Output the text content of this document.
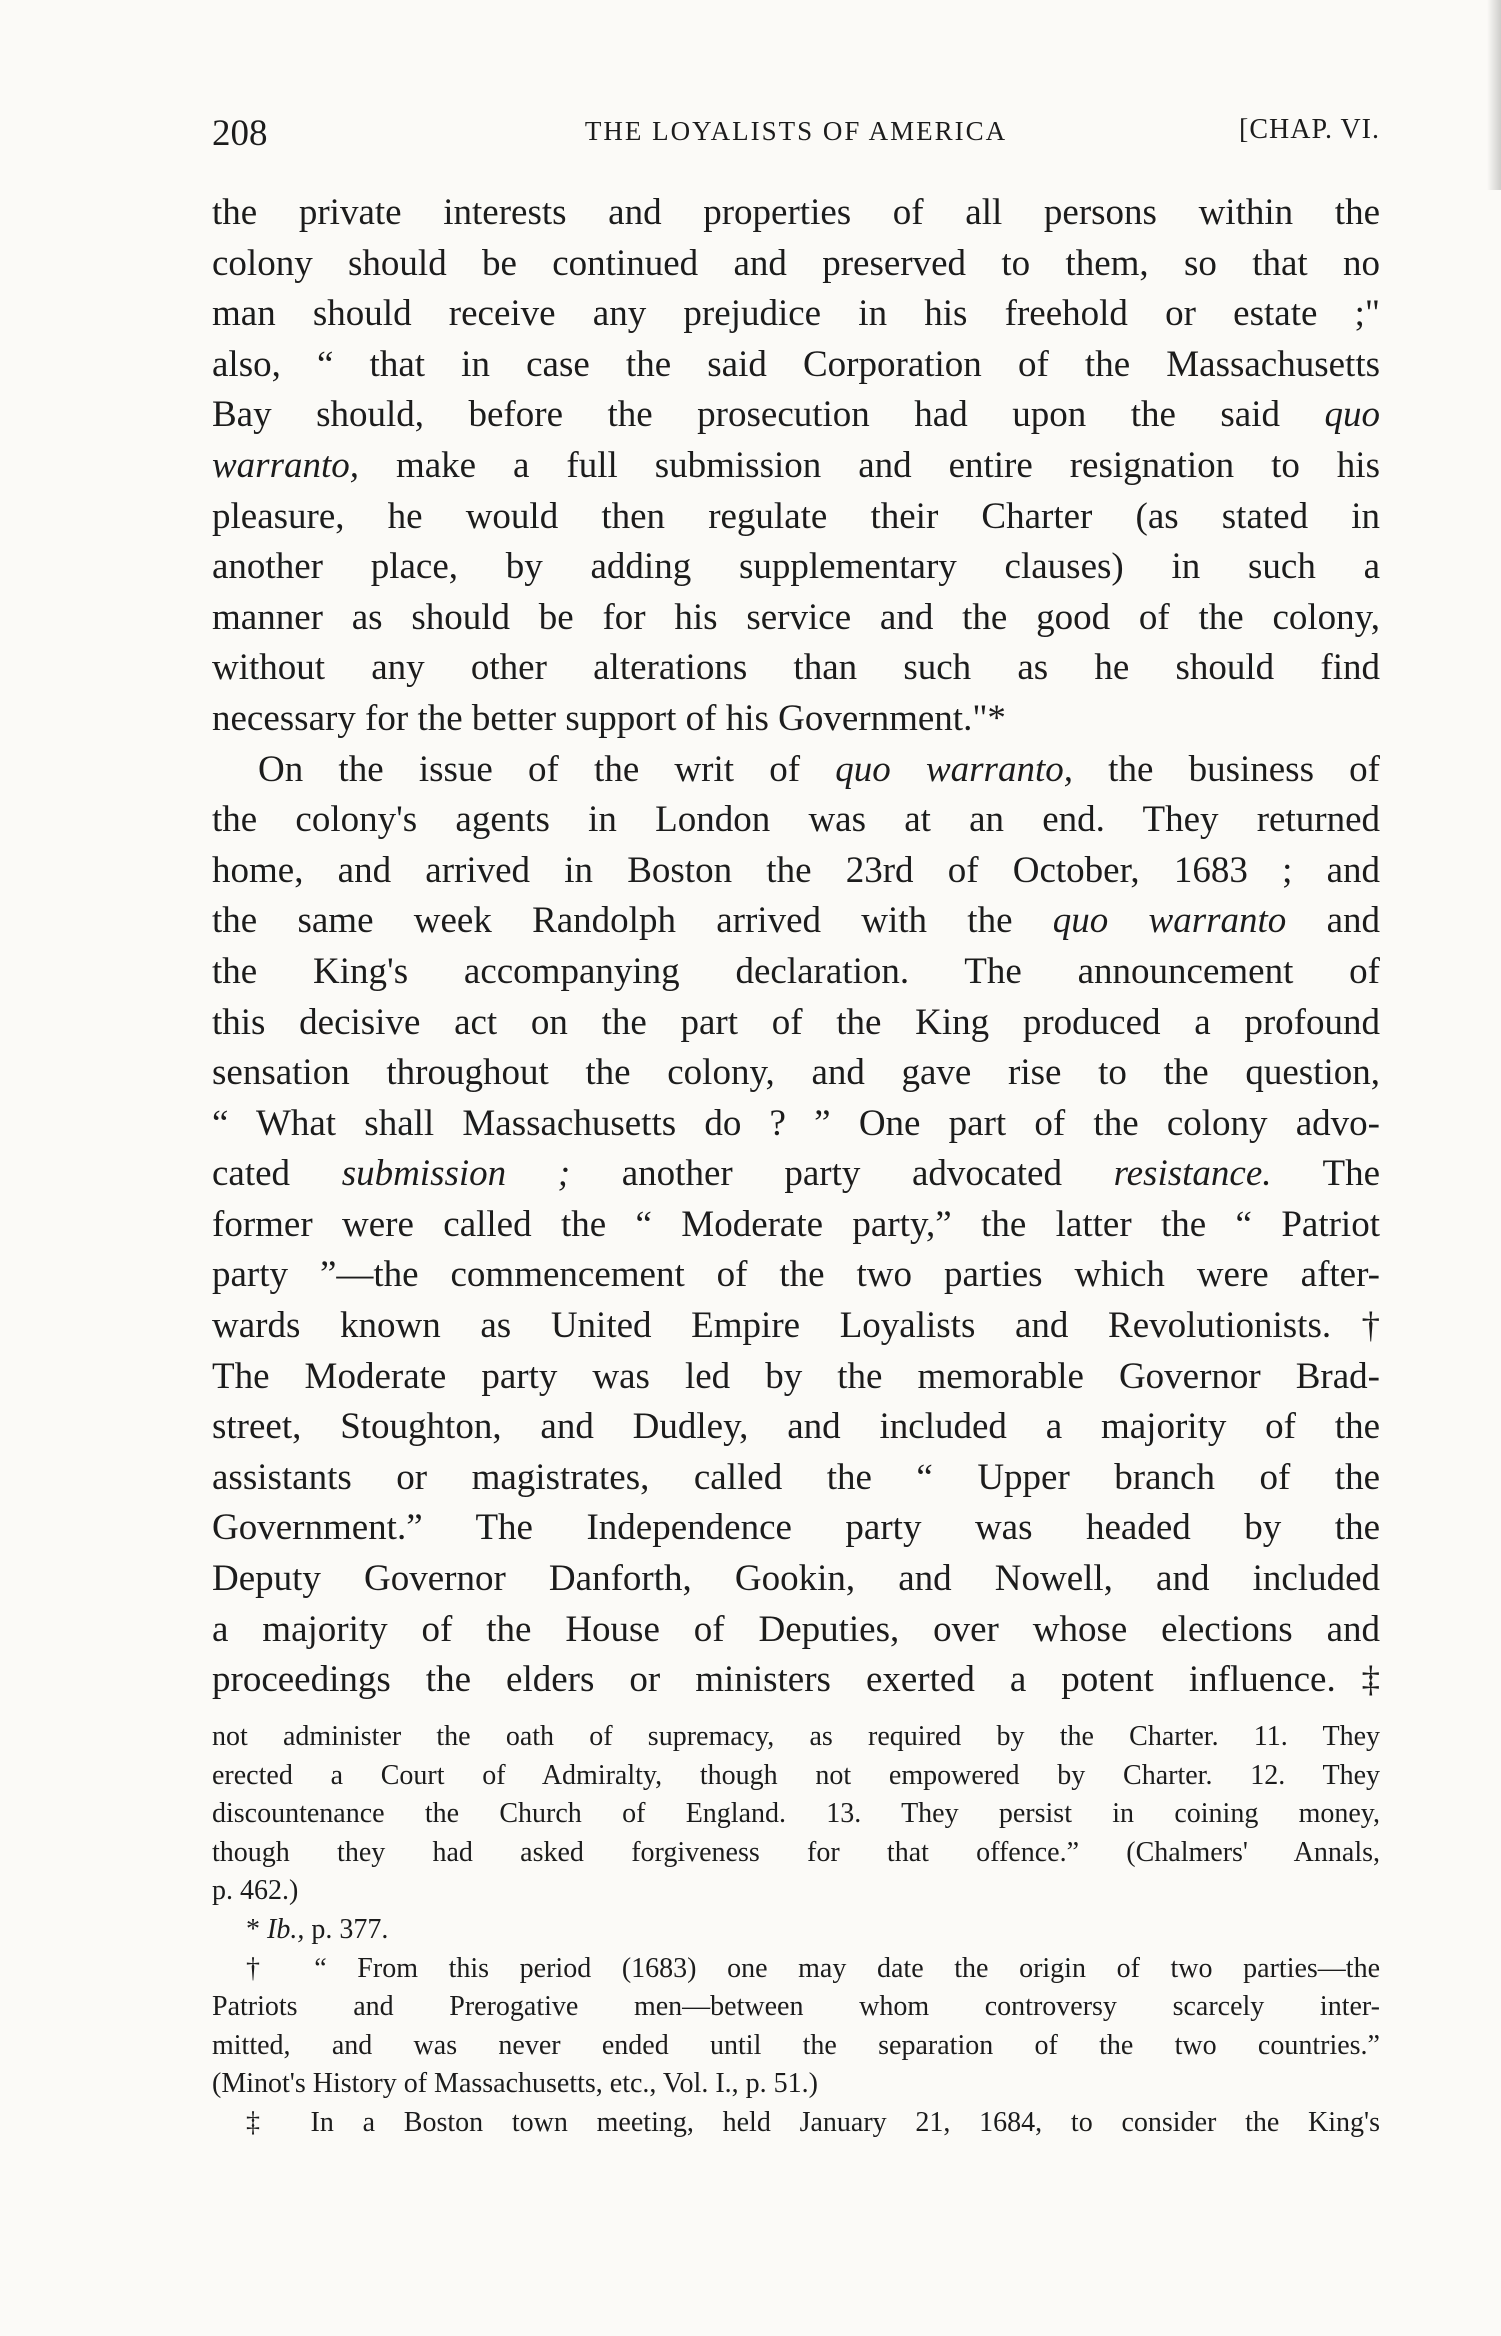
208	THE LOYALISTS OF AMERICA	[CHAP. VI.
the private interests and properties of all persons within the
colony should be continued and preserved to them, so that no
man should receive any prejudice in his freehold or estate ;"
also, “ that in case the said Corporation of the Massachusetts
Bay should, before the prosecution had upon the said quo
warranto, make a full submission and entire resignation to his
pleasure, he would then regulate their Charter (as stated in
another place, by adding supplementary clauses) in such a
manner as should be for his service and the good of the colony,
without any other alterations than such as he should find
necessary for the better support of his Government."*
On the issue of the writ of quo warranto, the business of
the colony's agents in London was at an end. They returned
home, and arrived in Boston the 23rd of October, 1683 ; and
the same week Randolph arrived with the quo warranto and
the King's accompanying declaration. The announcement of
this decisive act on the part of the King produced a profound
sensation throughout the colony, and gave rise to the question,
“ What shall Massachusetts do ? ” One part of the colony advo-
cated submission ; another party advocated resistance. The
former were called the “ Moderate party,” the latter the “ Patriot
party ”—the commencement of the two parties which were after-
wards known as United Empire Loyalists and Revolutionists.†
The Moderate party was led by the memorable Governor Brad-
street, Stoughton, and Dudley, and included a majority of the
assistants or magistrates, called the “ Upper branch of the
Government.” The Independence party was headed by the
Deputy Governor Danforth, Gookin, and Nowell, and included
a majority of the House of Deputies, over whose elections and
proceedings the elders or ministers exerted a potent influence.‡
not administer the oath of supremacy, as required by the Charter. 11. They
erected a Court of Admiralty, though not empowered by Charter. 12. They
discountenance the Church of England. 13. They persist in coining money,
though they had asked forgiveness for that offence.” (Chalmers' Annals,
p. 462.)
* Ib., p. 377.
† “ From this period (1683) one may date the origin of two parties—the
Patriots and Prerogative men—between whom controversy scarcely inter-
mitted, and was never ended until the separation of the two countries.”
(Minot's History of Massachusetts, etc., Vol. I., p. 51.)
‡ In a Boston town meeting, held January 21, 1684, to consider the King's
